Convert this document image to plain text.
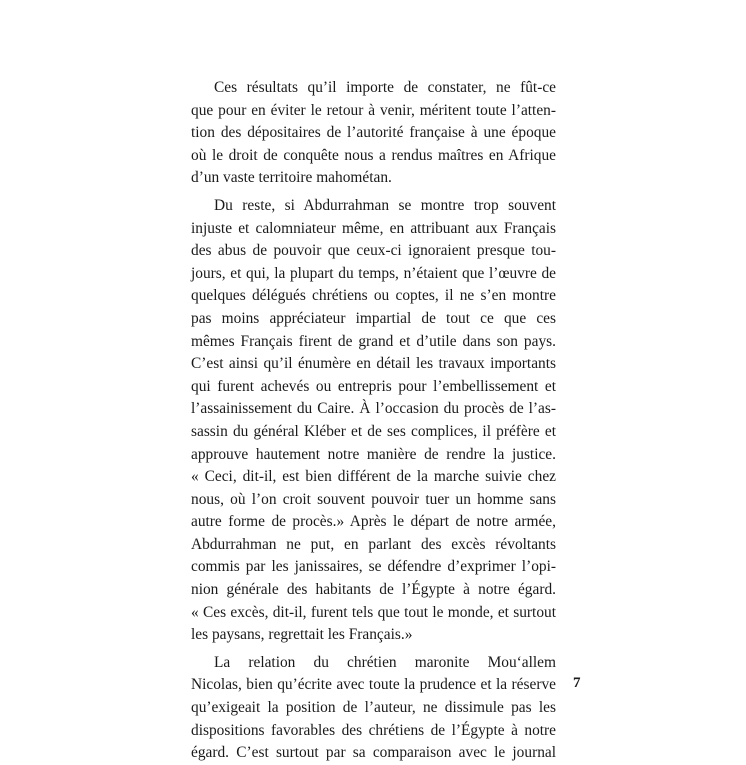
Ces résultats qu’il importe de constater, ne fût-ce
que pour en éviter le retour à venir, méritent toute l’atten-
tion des dépositaires de l’autorité française à une époque
où le droit de conquête nous a rendus maîtres en Afrique
d’un vaste territoire mahométan.
Du reste, si Abdurrahman se montre trop souvent
injuste et calomniateur même, en attribuant aux Français
des abus de pouvoir que ceux-ci ignoraient presque tou-
jours, et qui, la plupart du temps, n’étaient que l’œuvre de
quelques délégués chrétiens ou coptes, il ne s’en montre
pas moins appréciateur impartial de tout ce que ces
mêmes Français firent de grand et d’utile dans son pays.
C’est ainsi qu’il énumère en détail les travaux importants
qui furent achevés ou entrepris pour l’embellissement et
l’assainissement du Caire. À l’occasion du procès de l’as-
sassin du général Kléber et de ses complices, il préfère et
approuve hautement notre manière de rendre la justice.
« Ceci, dit-il, est bien différent de la marche suivie chez
nous, où l’on croit souvent pouvoir tuer un homme sans
autre forme de procès.» Après le départ de notre armée,
Abdurrahman ne put, en parlant des excès révoltants
commis par les janissaires, se défendre d’exprimer l’opi-
nion générale des habitants de l’Égypte à notre égard.
« Ces excès, dit-il, furent tels que tout le monde, et surtout
les paysans, regrettait les Français.»
La relation du chrétien maronite Mou‘allem
Nicolas, bien qu’écrite avec toute la prudence et la réserve
qu’exigeait la position de l’auteur, ne dissimule pas les
dispositions favorables des chrétiens de l’Égypte à notre
égard. C’est surtout par sa comparaison avec le journal
7
